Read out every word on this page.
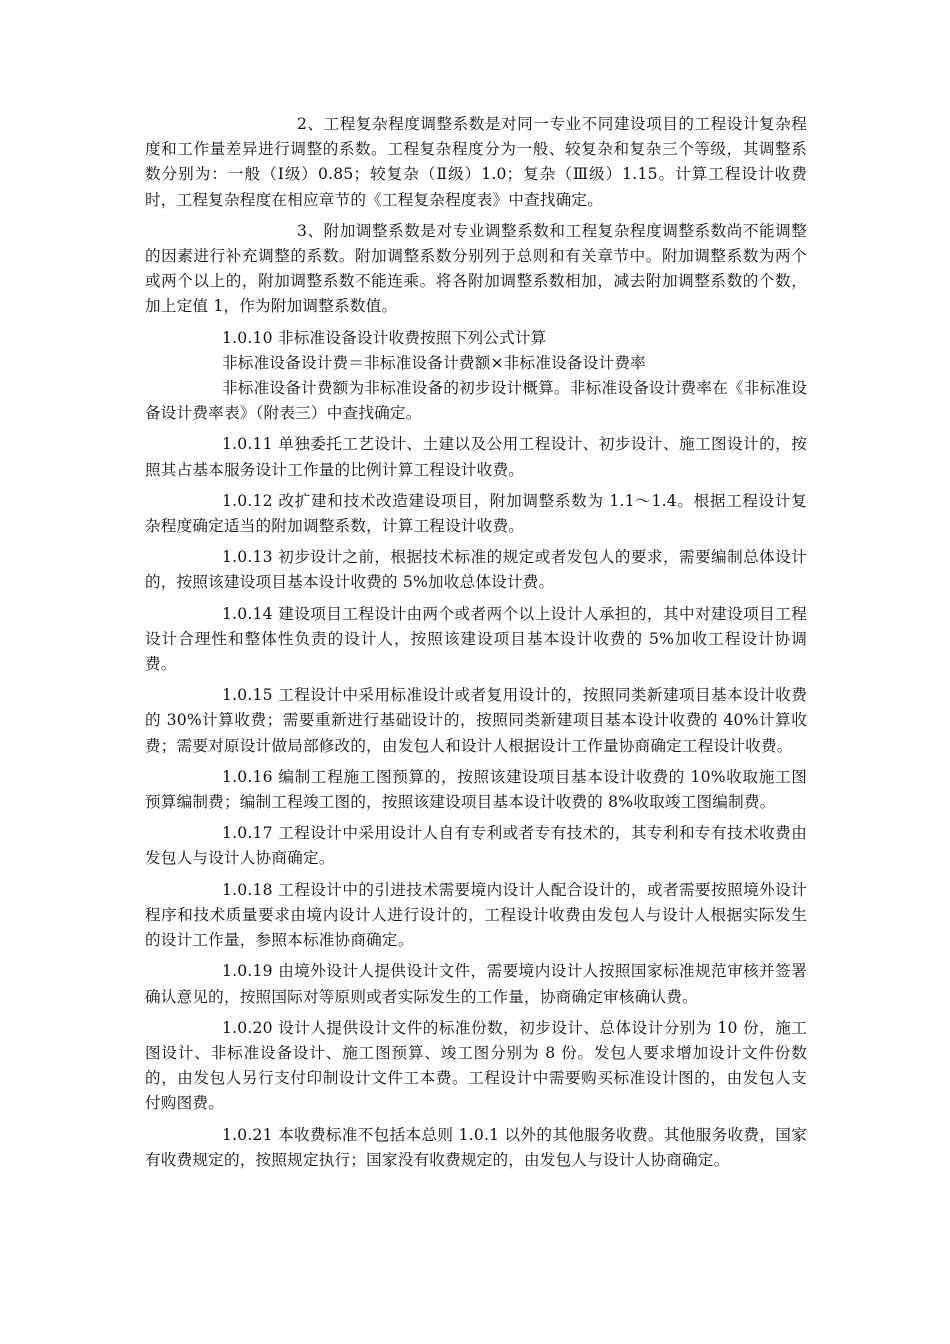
2、工程复杂程度调整系数是对同一专业不同建设项目的工程设计复杂程度和工作量差异进行调整的系数。工程复杂程度分为一般、较复杂和复杂三个等级，其调整系数分别为：一般（Ⅰ级）0.85；较复杂（Ⅱ级）1.0；复杂（Ⅲ级）1.15。计算工程设计收费时，工程复杂程度在相应章节的《工程复杂程度表》中查找确定。

3、附加调整系数是对专业调整系数和工程复杂程度调整系数尚不能调整的因素进行补充调整的系数。附加调整系数分别列于总则和有关章节中。附加调整系数为两个或两个以上的，附加调整系数不能连乘。将各附加调整系数相加，减去附加调整系数的个数，加上定值 1，作为附加调整系数值。

1.0.10 非标准设备设计收费按照下列公式计算

非标准设备设计费＝非标准设备计费额×非标准设备设计费率

非标准设备计费额为非标准设备的初步设计概算。非标准设备设计费率在《非标准设备设计费率表》（附表三）中查找确定。

1.0.11 单独委托工艺设计、土建以及公用工程设计、初步设计、施工图设计的，按照其占基本服务设计工作量的比例计算工程设计收费。

1.0.12 改扩建和技术改造建设项目，附加调整系数为 1.1～1.4。根据工程设计复杂程度确定适当的附加调整系数，计算工程设计收费。

1.0.13 初步设计之前，根据技术标准的规定或者发包人的要求，需要编制总体设计的，按照该建设项目基本设计收费的 5%加收总体设计费。

1.0.14 建设项目工程设计由两个或者两个以上设计人承担的，其中对建设项目工程设计合理性和整体性负责的设计人，按照该建设项目基本设计收费的 5%加收工程设计协调费。

1.0.15 工程设计中采用标准设计或者复用设计的，按照同类新建项目基本设计收费的 30%计算收费；需要重新进行基础设计的，按照同类新建项目基本设计收费的 40%计算收费；需要对原设计做局部修改的，由发包人和设计人根据设计工作量协商确定工程设计收费。

1.0.16 编制工程施工图预算的，按照该建设项目基本设计收费的 10%收取施工图预算编制费；编制工程竣工图的，按照该建设项目基本设计收费的 8%收取竣工图编制费。

1.0.17 工程设计中采用设计人自有专利或者专有技术的，其专利和专有技术收费由发包人与设计人协商确定。

1.0.18 工程设计中的引进技术需要境内设计人配合设计的，或者需要按照境外设计程序和技术质量要求由境内设计人进行设计的，工程设计收费由发包人与设计人根据实际发生的设计工作量，参照本标准协商确定。

1.0.19 由境外设计人提供设计文件，需要境内设计人按照国家标准规范审核并签署确认意见的，按照国际对等原则或者实际发生的工作量，协商确定审核确认费。

1.0.20 设计人提供设计文件的标准份数，初步设计、总体设计分别为 10 份，施工图设计、非标准设备设计、施工图预算、竣工图分别为 8 份。发包人要求增加设计文件份数的，由发包人另行支付印制设计文件工本费。工程设计中需要购买标准设计图的，由发包人支付购图费。

1.0.21 本收费标准不包括本总则 1.0.1 以外的其他服务收费。其他服务收费，国家有收费规定的，按照规定执行；国家没有收费规定的，由发包人与设计人协商确定。
